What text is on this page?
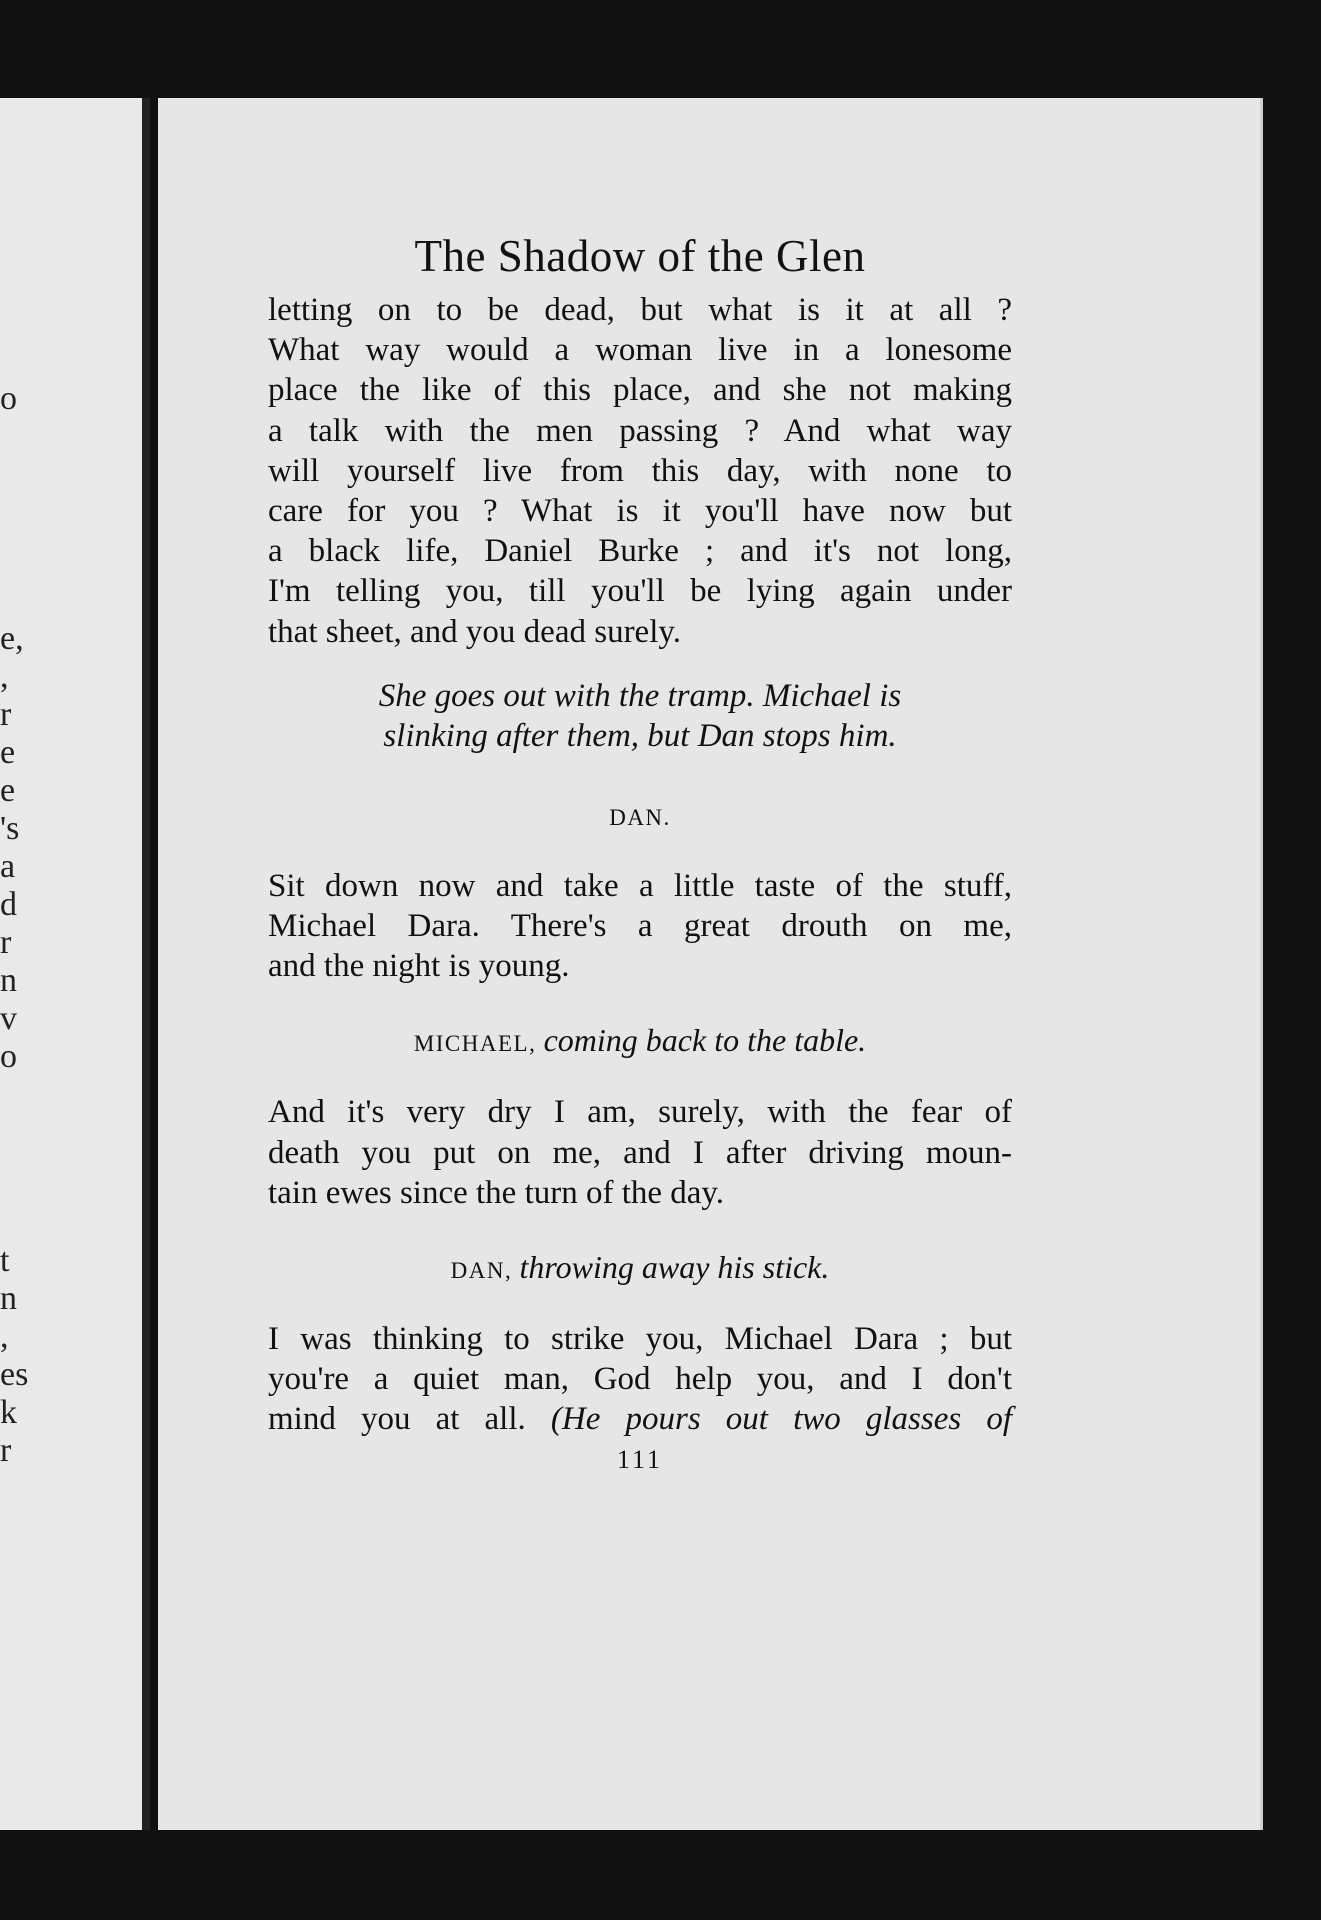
o
e,
,
r
e
e
's
a
d
r
n
v
o
t
n
,
es
k
r
The Shadow of the Glen
letting on to be dead, but what is it at all ?
What way would a woman live in a lonesome
place the like of this place, and she not making
a talk with the men passing ? And what way
will yourself live from this day, with none to
care for you ? What is it you'll have now but
a black life, Daniel Burke ; and it's not long,
I'm telling you, till you'll be lying again under
that sheet, and you dead surely.
She goes out with the tramp. Michael is
slinking after them, but Dan stops him.
DAN.
Sit down now and take a little taste of the stuff,
Michael Dara. There's a great drouth on me,
and the night is young.
MICHAEL, coming back to the table.
And it's very dry I am, surely, with the fear of
death you put on me, and I after driving moun-
tain ewes since the turn of the day.
DAN, throwing away his stick.
I was thinking to strike you, Michael Dara ; but
you're a quiet man, God help you, and I don't
mind you at all. (He pours out two glasses of
111
